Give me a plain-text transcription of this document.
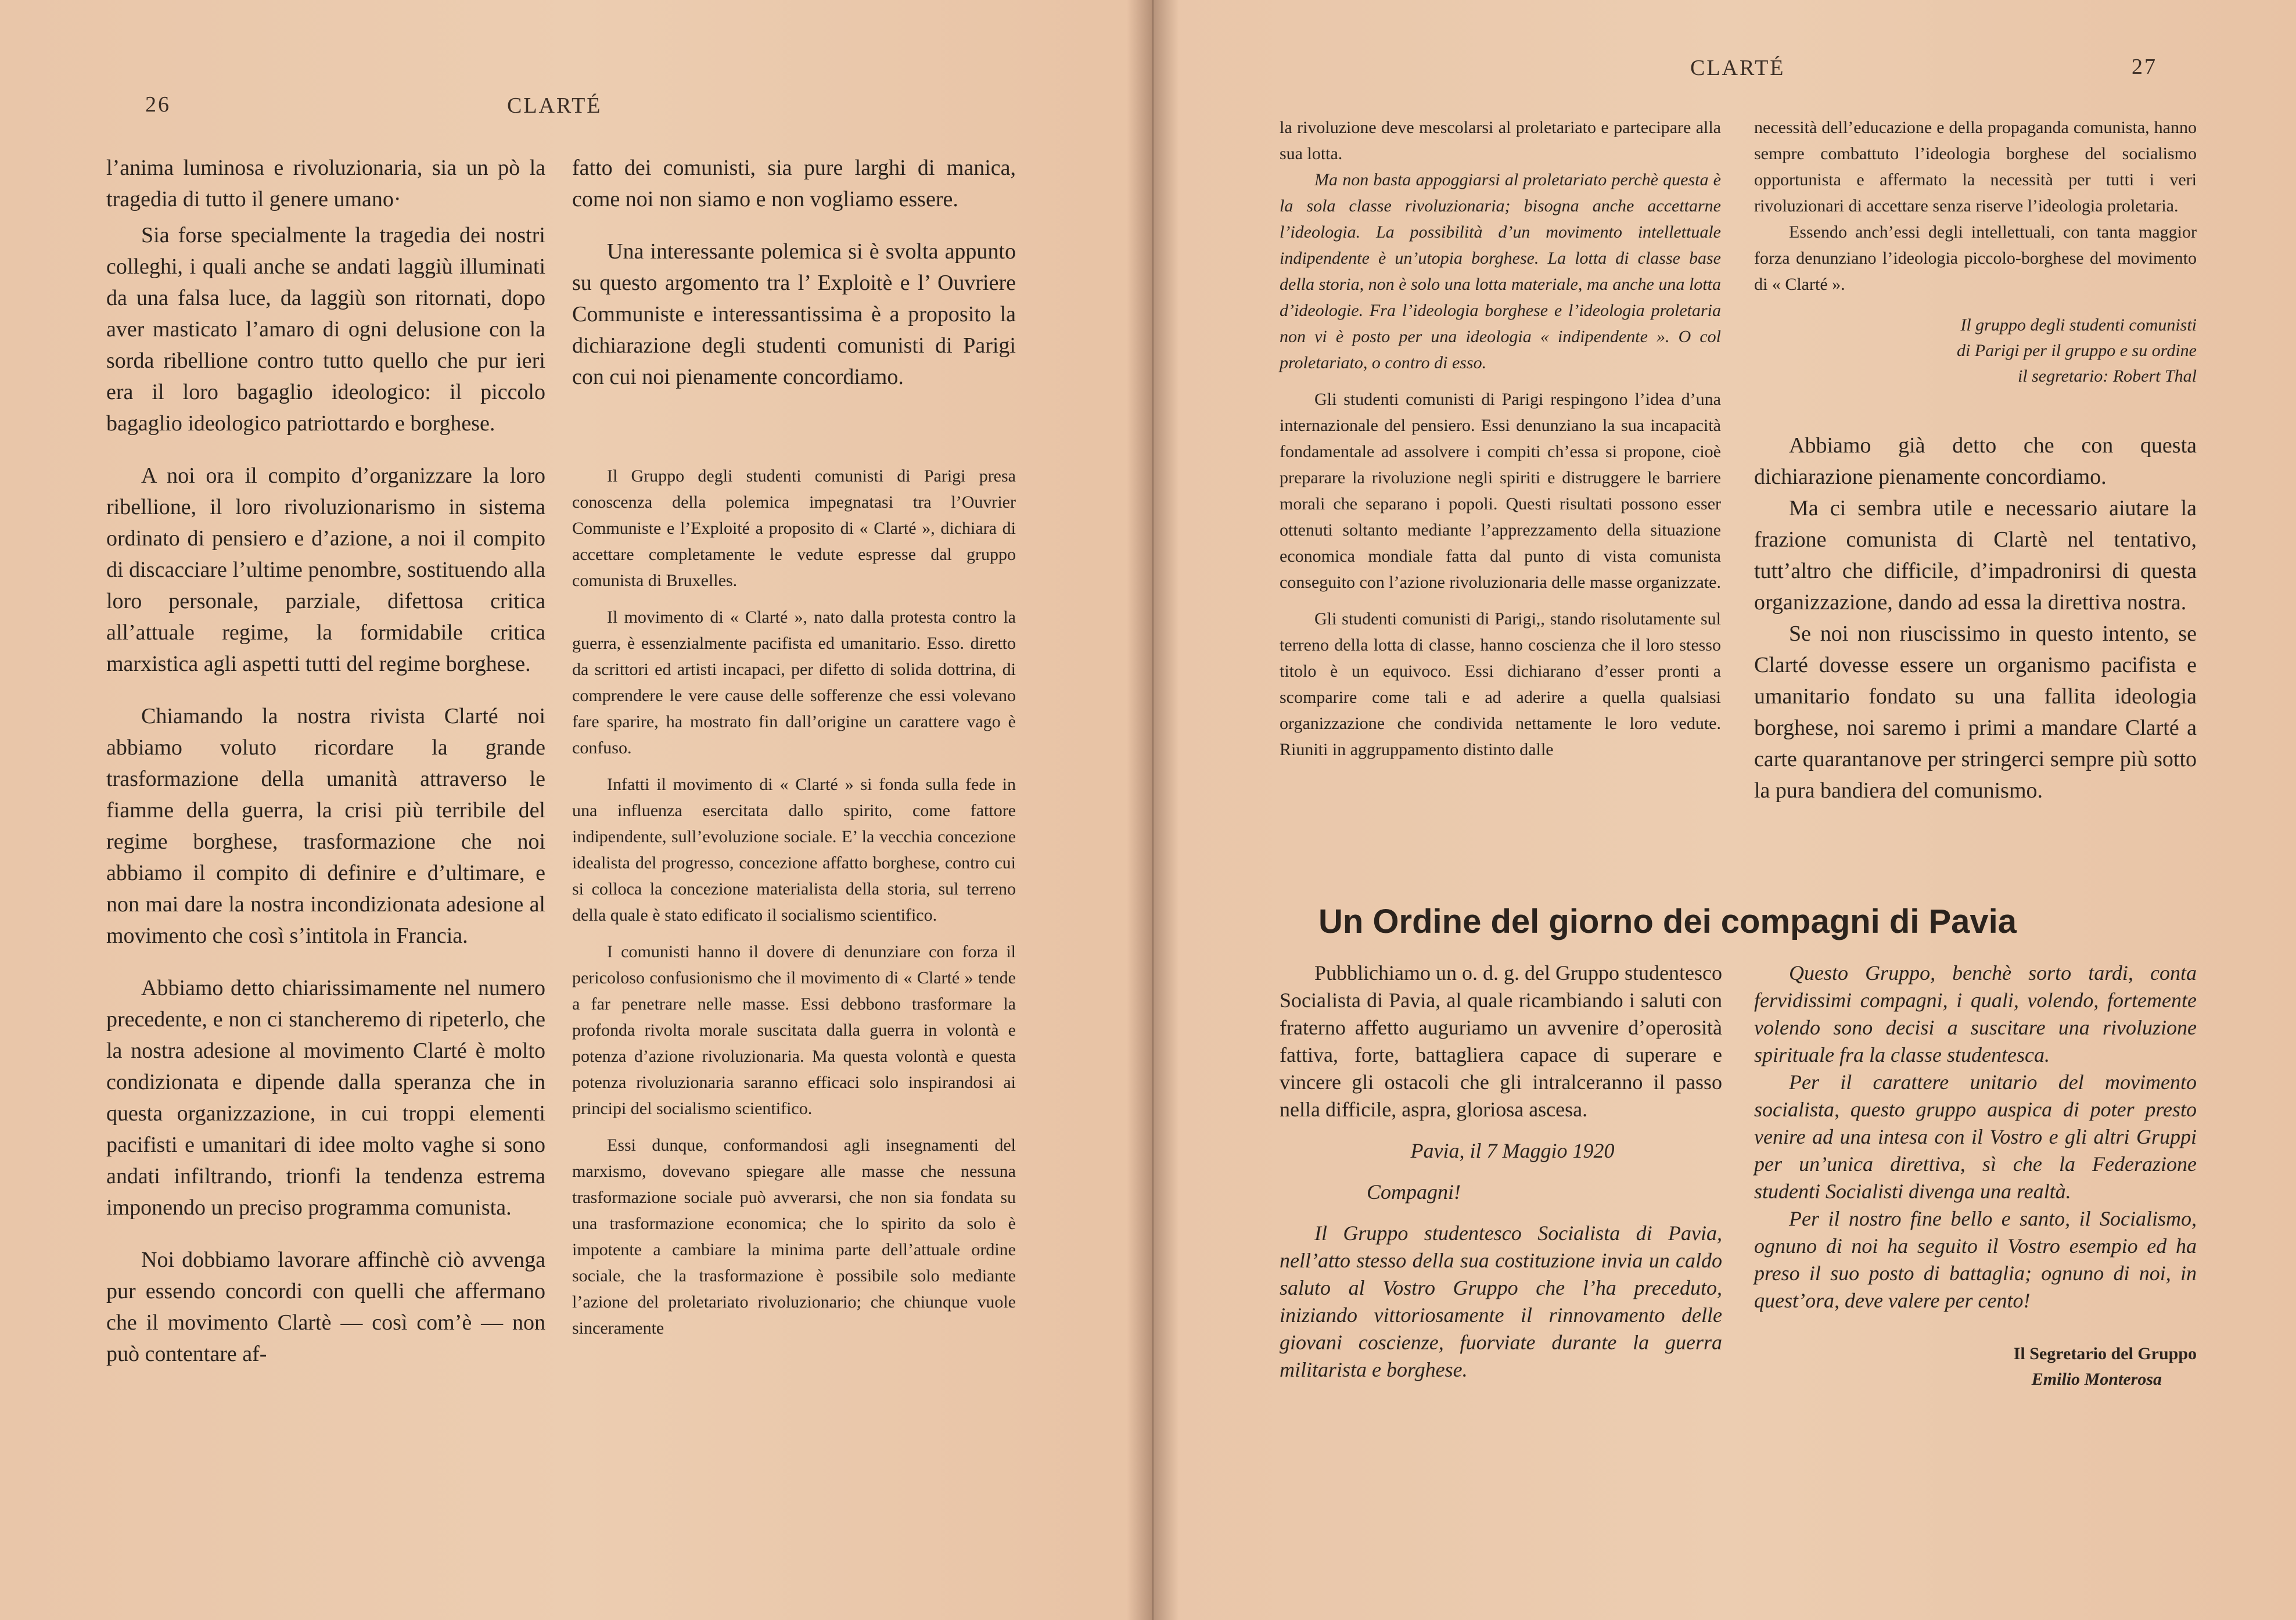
26	CLARTÉ

l’anima luminosa e rivoluzionaria, sia un pò la tragedia di tutto il genere umano·

Sia forse specialmente la tragedia dei nostri colleghi, i quali anche se andati laggiù illuminati da una falsa luce, da laggiù son ritornati, dopo aver masticato l’amaro di ogni delusione con la sorda ribellione contro tutto quello che pur ieri era il loro bagaglio ideologico: il piccolo bagaglio ideologico patriottardo e borghese.

A noi ora il compito d’organizzare la loro ribellione, il loro rivoluzionarismo in sistema ordinato di pensiero e d’azione, a noi il compito di discacciare l’ultime penombre, sostituendo alla loro personale, parziale, difettosa critica all’attuale regime, la formidabile critica marxistica agli aspetti tutti del regime borghese.

Chiamando la nostra rivista Clarté noi abbiamo voluto ricordare la grande trasformazione della umanità attraverso le fiamme della guerra, la crisi più terribile del regime borghese, trasformazione che noi abbiamo il compito di definire e d’ultimare, e non mai dare la nostra incondizionata adesione al movimento che così s’intitola in Francia.

Abbiamo detto chiarissimamente nel numero precedente, e non ci stancheremo di ripeterlo, che la nostra adesione al movimento Clarté è molto condizionata e dipende dalla speranza che in questa organizzazione, in cui troppi elementi pacifisti e umanitari di idee molto vaghe si sono andati infiltrando, trionfi la tendenza estrema imponendo un preciso programma comunista.

Noi dobbiamo lavorare affinchè ciò avvenga pur essendo concordi con quelli che affermano che il movimento Clartè — così com’è — non può contentare af-

fatto dei comunisti, sia pure larghi di manica, come noi non siamo e non vogliamo essere.

Una interessante polemica si è svolta appunto su questo argomento tra l’ Exploitè e l’ Ouvriere Communiste e interessantissima è a proposito la dichiarazione degli studenti comunisti di Parigi con cui noi pienamente concordiamo.

Il Gruppo degli studenti comunisti di Parigi presa conoscenza della polemica impegnatasi tra l’Ouvrier Communiste e l’Exploité a proposito di « Clarté », dichiara di accettare completamente le vedute espresse dal gruppo comunista di Bruxelles.

Il movimento di « Clarté », nato dalla protesta contro la guerra, è essenzialmente pacifista ed umanitario. Esso. diretto da scrittori ed artisti incapaci, per difetto di solida dottrina, di comprendere le vere cause delle sofferenze che essi volevano fare sparire, ha mostrato fin dall’origine un carattere vago è confuso.

Infatti il movimento di « Clarté » si fonda sulla fede in una influenza esercitata dallo spirito, come fattore indipendente, sull’evoluzione sociale. E’ la vecchia concezione idealista del progresso, concezione affatto borghese, contro cui si colloca la concezione materialista della storia, sul terreno della quale è stato edificato il socialismo scientifico.

I comunisti hanno il dovere di denunziare con forza il pericoloso confusionismo che il movimento di « Clarté » tende a far penetrare nelle masse. Essi debbono trasformare la profonda rivolta morale suscitata dalla guerra in volontà e potenza d’azione rivoluzionaria. Ma questa volontà e questa potenza rivoluzionaria saranno efficaci solo inspirandosi ai principi del socialismo scientifico.

Essi dunque, conformandosi agli insegnamenti del marxismo, dovevano spiegare alle masse che nessuna trasformazione sociale può avverarsi, che non sia fondata su una trasformazione economica; che lo spirito da solo è impotente a cambiare la minima parte dell’attuale ordine sociale, che la trasformazione è possibile solo mediante l’azione del proletariato rivoluzionario; che chiunque vuole sinceramente

CLARTÉ	27

la rivoluzione deve mescolarsi al proletariato e partecipare alla sua lotta.

Ma non basta appoggiarsi al proletariato perchè questa è la sola classe rivoluzionaria; bisogna anche accettarne l’ideologia. La possibilità d’un movimento intellettuale indipendente è un’utopia borghese. La lotta di classe base della storia, non è solo una lotta materiale, ma anche una lotta d’ideologie. Fra l’ideologia borghese e l’ideologia proletaria non vi è posto per una ideologia « indipendente ». O col proletariato, o contro di esso.

Gli studenti comunisti di Parigi respingono l’idea d’una internazionale del pensiero. Essi denunziano la sua incapacità fondamentale ad assolvere i compiti ch’essa si propone, cioè preparare la rivoluzione negli spiriti e distruggere le barriere morali che separano i popoli. Questi risultati possono esser ottenuti soltanto mediante l’apprezzamento della situazione economica mondiale fatta dal punto di vista comunista conseguito con l’azione rivoluzionaria delle masse organizzate.

Gli studenti comunisti di Parigi,, stando risolutamente sul terreno della lotta di classe, hanno coscienza che il loro stesso titolo è un equivoco. Essi dichiarano d’esser pronti a scomparire come tali e ad aderire a quella qualsiasi organizzazione che condivida nettamente le loro vedute. Riuniti in aggruppamento distinto dalle

necessità dell’educazione e della propaganda comunista, hanno sempre combattuto l’ideologia borghese del socialismo opportunista e affermato la necessità per tutti i veri rivoluzionari di accettare senza riserve l’ideologia proletaria.

Essendo anch’essi degli intellettuali, con tanta maggior forza denunziano l’ideologia piccolo-borghese del movimento di « Clarté ».

Il gruppo degli studenti comunisti

di Parigi per il gruppo e su ordine

il segretario: Robert Thal

Abbiamo già detto che con questa dichiarazione pienamente concordiamo.

Ma ci sembra utile e necessario aiutare la frazione comunista di Clartè nel tentativo, tutt’altro che difficile, d’impadronirsi di questa organizzazione, dando ad essa la direttiva nostra.

Se noi non riuscissimo in questo intento, se Clarté dovesse essere un organismo pacifista e umanitario fondato su una fallita ideologia borghese, noi saremo i primi a mandare Clarté a carte quarantanove per stringerci sempre più sotto la pura bandiera del comunismo.

Pubblichiamo un o. d. g. del Gruppo studentesco Socialista di Pavia, al quale ricambiando i saluti con fraterno affetto auguriamo un avvenire d’operosità fattiva, forte, battagliera capace di superare e vincere gli ostacoli che gli intralceranno il passo nella difficile, aspra, gloriosa ascesa.

Pavia, il 7 Maggio 1920

Compagni!

Il Gruppo studentesco Socialista di Pavia, nell’atto stesso della sua costituzione invia un caldo saluto al Vostro Gruppo che l’ha preceduto, iniziando vittoriosamente il rinnovamento delle giovani coscienze, fuorviate durante la guerra militarista e borghese.

Questo Gruppo, benchè sorto tardi, conta fervidissimi compagni, i quali, volendo, fortemente volendo sono decisi a suscitare una rivoluzione spirituale fra la classe studentesca.

Per il carattere unitario del movimento socialista, questo gruppo auspica di poter presto venire ad una intesa con il Vostro e gli altri Gruppi per un’unica direttiva, sì che la Federazione studenti Socialisti divenga una realtà.

Per il nostro fine bello e santo, il Socialismo, ognuno di noi ha seguito il Vostro esempio ed ha preso il suo posto di battaglia; ognuno di noi, in quest’ora, deve valere per cento!

Il Segretario del Gruppo

Emilio Monterosa

Un Ordine del giorno dei compagni di Pavia
